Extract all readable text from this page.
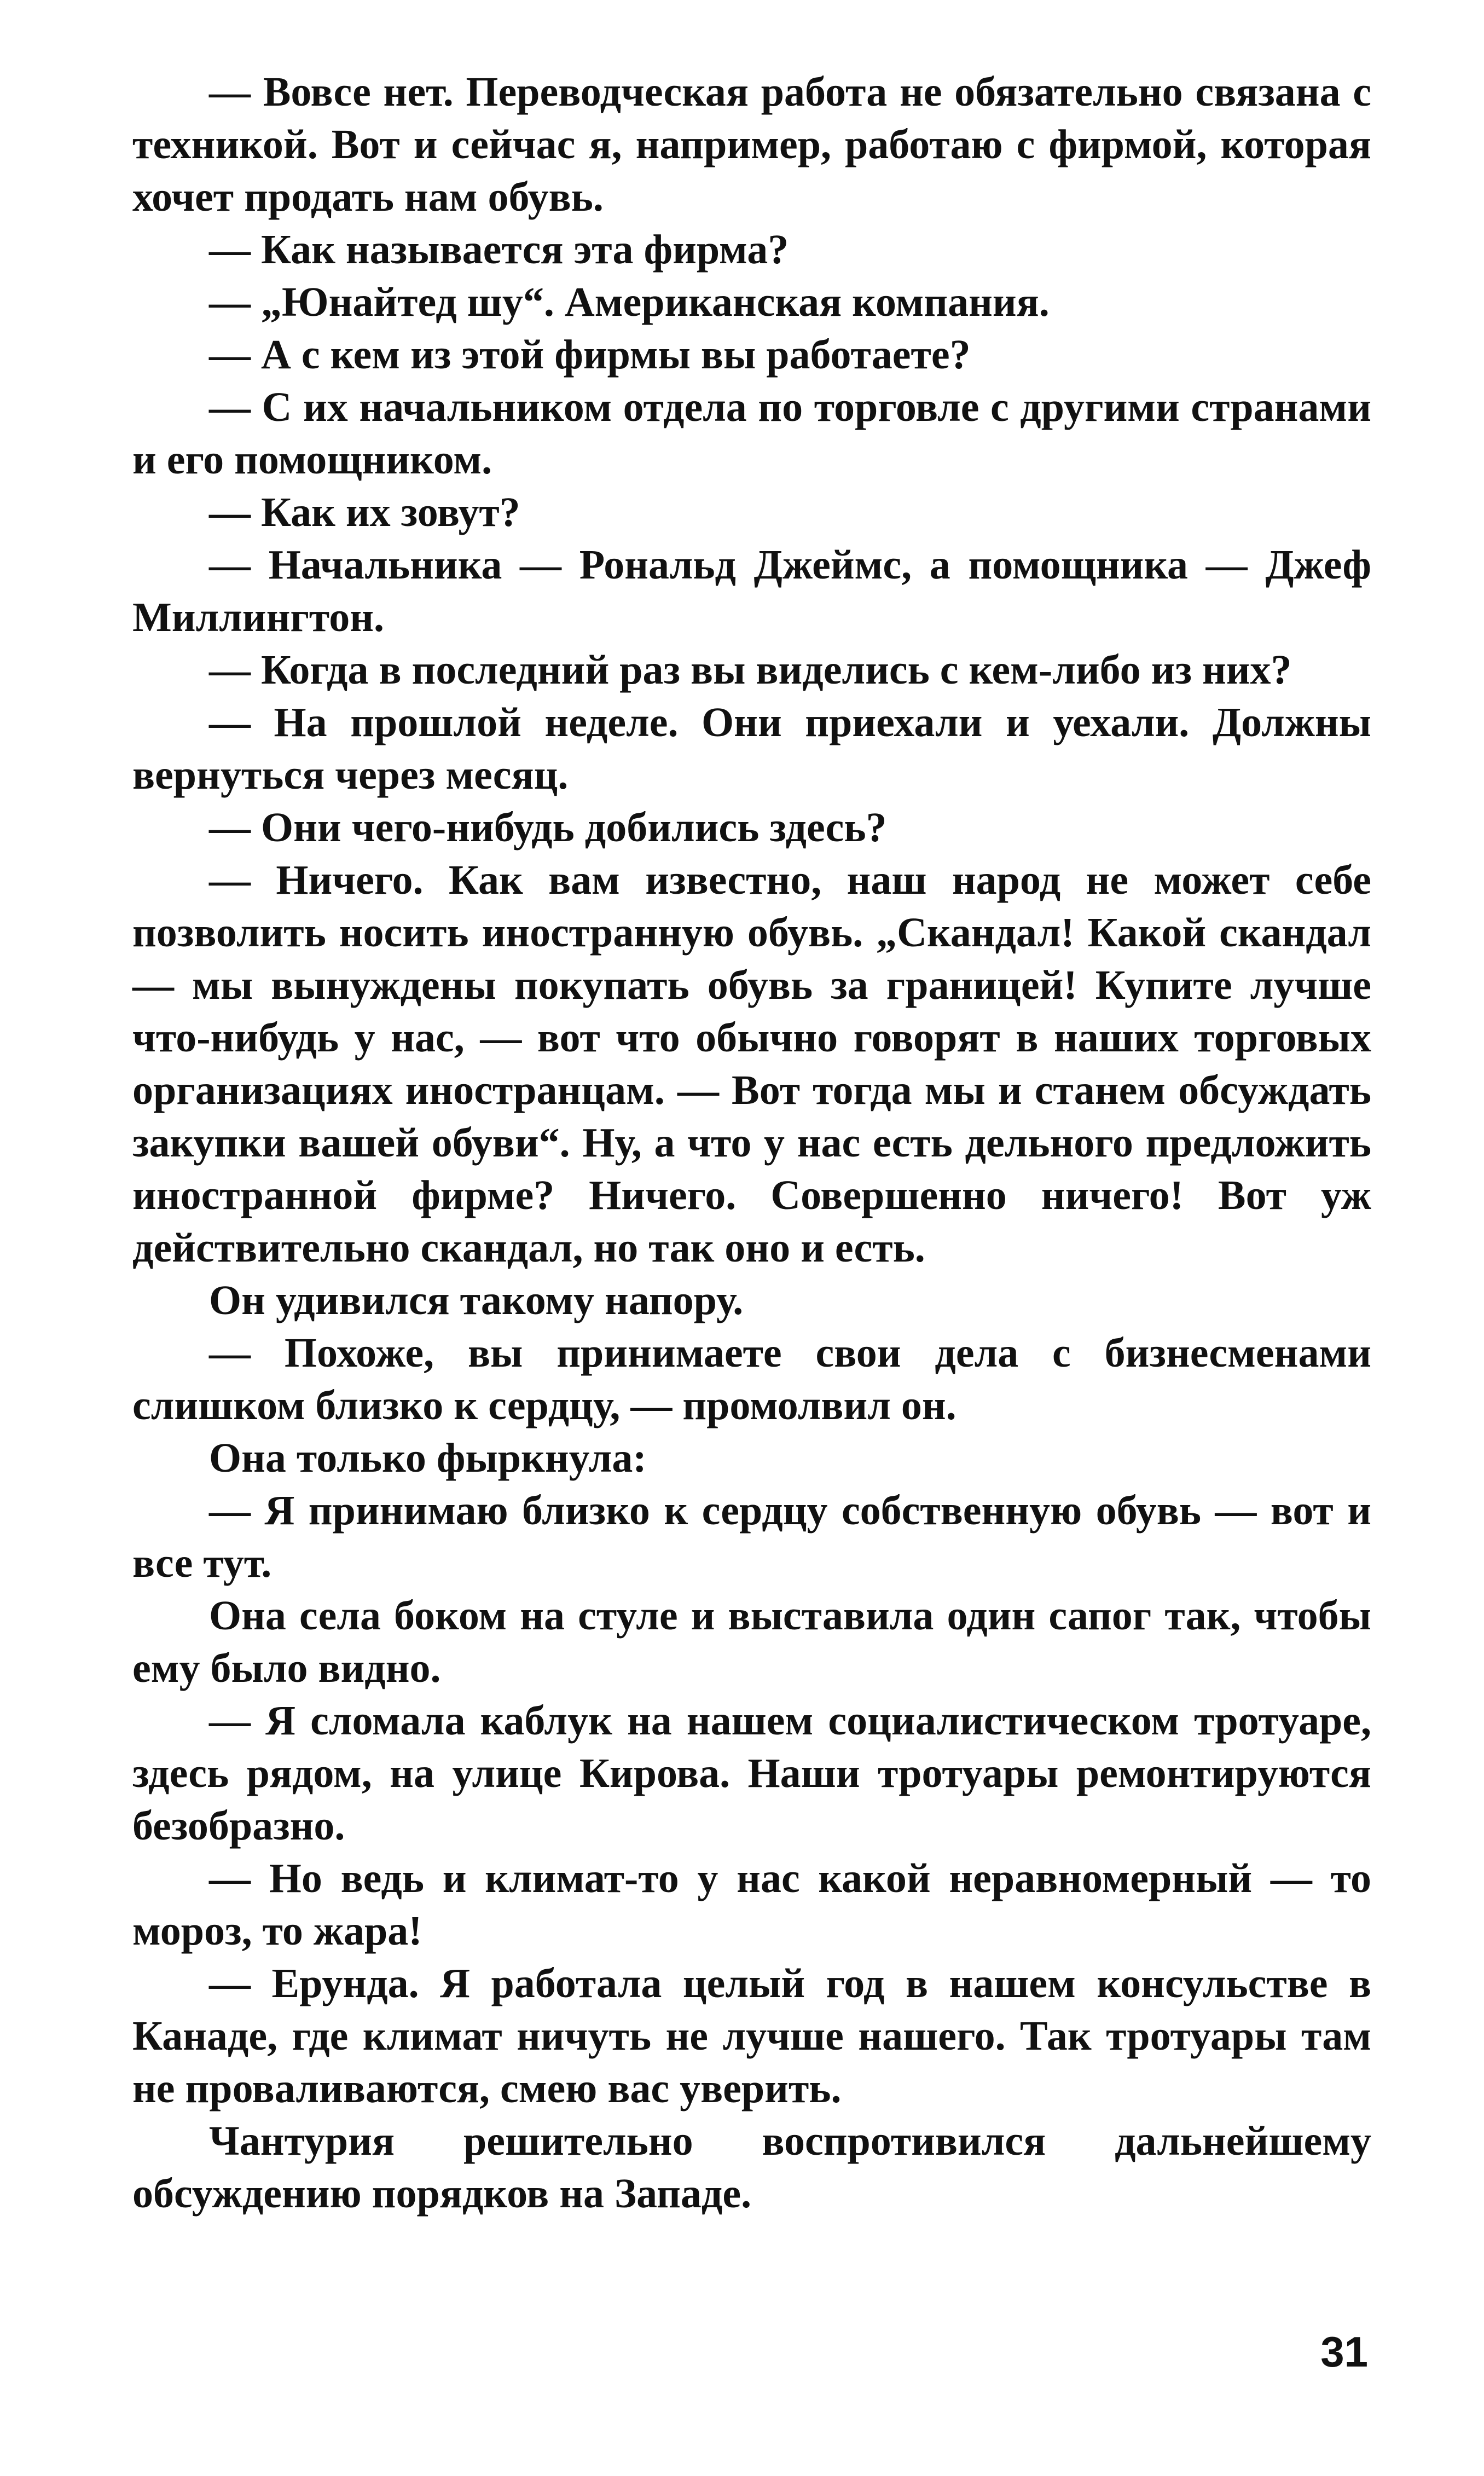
— Вовсе нет. Переводческая работа не обязательно связана с техникой. Вот и сейчас я, например, работаю с фирмой, которая хочет продать нам обувь.

— Как называется эта фирма?

— „Юнайтед шу“. Американская компания.

— А с кем из этой фирмы вы работаете?

— С их начальником отдела по торговле с другими странами и его помощником.

— Как их зовут?

— Начальника — Рональд Джеймс, а помощника — Джеф Миллингтон.

— Когда в последний раз вы виделись с кем-либо из них?

— На прошлой неделе. Они приехали и уехали. Должны вернуться через месяц.

— Они чего-нибудь добились здесь?

— Ничего. Как вам известно, наш народ не может себе позволить носить иностранную обувь. „Скандал! Какой скандал — мы вынуждены покупать обувь за границей! Купите лучше что-нибудь у нас, — вот что обычно говорят в наших торговых организациях иностранцам. — Вот тогда мы и станем обсуждать закупки вашей обуви“. Ну, а что у нас есть дельного предложить иностранной фирме? Ничего. Совершенно ничего! Вот уж действительно скандал, но так оно и есть.

Он удивился такому напору.

— Похоже, вы принимаете свои дела с бизнесменами слишком близко к сердцу, — промолвил он.

Она только фыркнула:

— Я принимаю близко к сердцу собственную обувь — вот и все тут.

Она села боком на стуле и выставила один сапог так, чтобы ему было видно.

— Я сломала каблук на нашем социалистическом тротуаре, здесь рядом, на улице Кирова. Наши тротуары ремонтируются безобразно.

— Но ведь и климат-то у нас какой неравномерный — то мороз, то жара!

— Ерунда. Я работала целый год в нашем консульстве в Канаде, где климат ничуть не лучше нашего. Так тротуары там не проваливаются, смею вас уверить.

Чантурия решительно воспротивился дальнейшему обсуждению порядков на Западе.

31
